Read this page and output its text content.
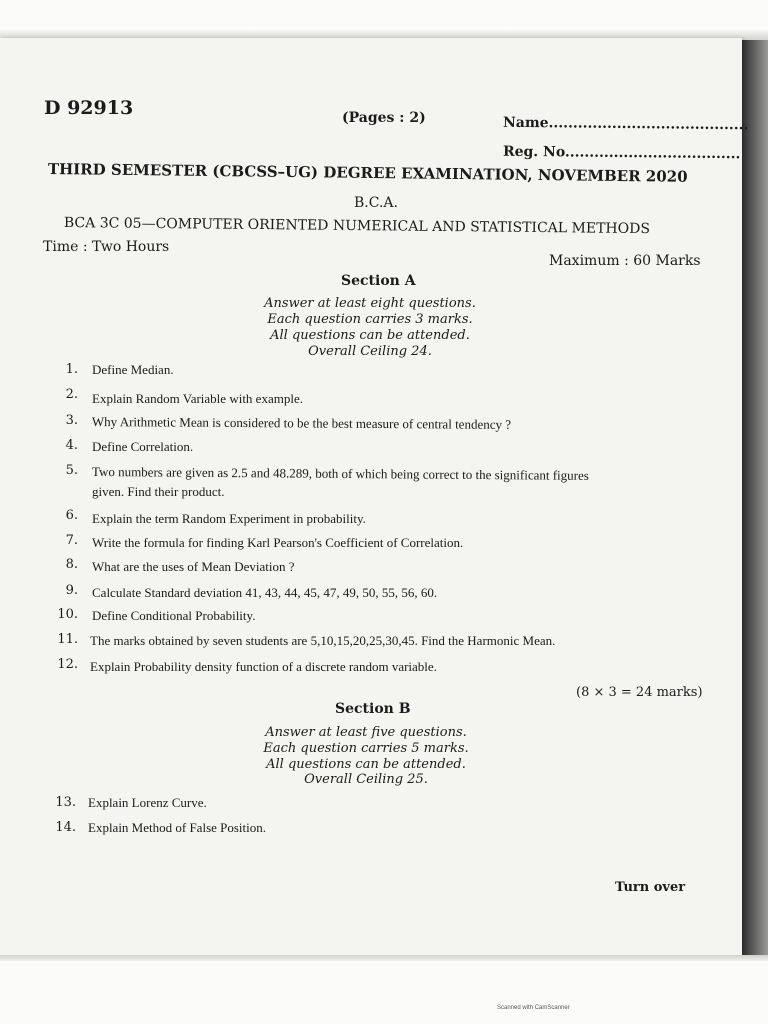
D 92913	(Pages : 2)	Name.........................................
Reg. No....................................
THIRD SEMESTER (CBCSS–UG) DEGREE EXAMINATION, NOVEMBER 2020
B.C.A.
BCA 3C 05—COMPUTER ORIENTED NUMERICAL AND STATISTICAL METHODS
Time : Two Hours
Maximum : 60 Marks
Section A
Answer at least eight questions.
Each question carries 3 marks.
All questions can be attended.
Overall Ceiling 24.
1. Define Median.
2. Explain Random Variable with example.
3. Why Arithmetic Mean is considered to be the best measure of central tendency ?
4. Define Correlation.
5. Two numbers are given as 2.5 and 48.289, both of which being correct to the significant figures
given. Find their product.
6. Explain the term Random Experiment in probability.
7. Write the formula for finding Karl Pearson's Coefficient of Correlation.
8. What are the uses of Mean Deviation ?
9. Calculate Standard deviation 41, 43, 44, 45, 47, 49, 50, 55, 56, 60.
10. Define Conditional Probability.
11. The marks obtained by seven students are 5,10,15,20,25,30,45. Find the Harmonic Mean.
12. Explain Probability density function of a discrete random variable.
(8 × 3 = 24 marks)
Section B
Answer at least five questions.
Each question carries 5 marks.
All questions can be attended.
Overall Ceiling 25.
13. Explain Lorenz Curve.
14. Explain Method of False Position.
Turn over
Scanned with CamScanner
